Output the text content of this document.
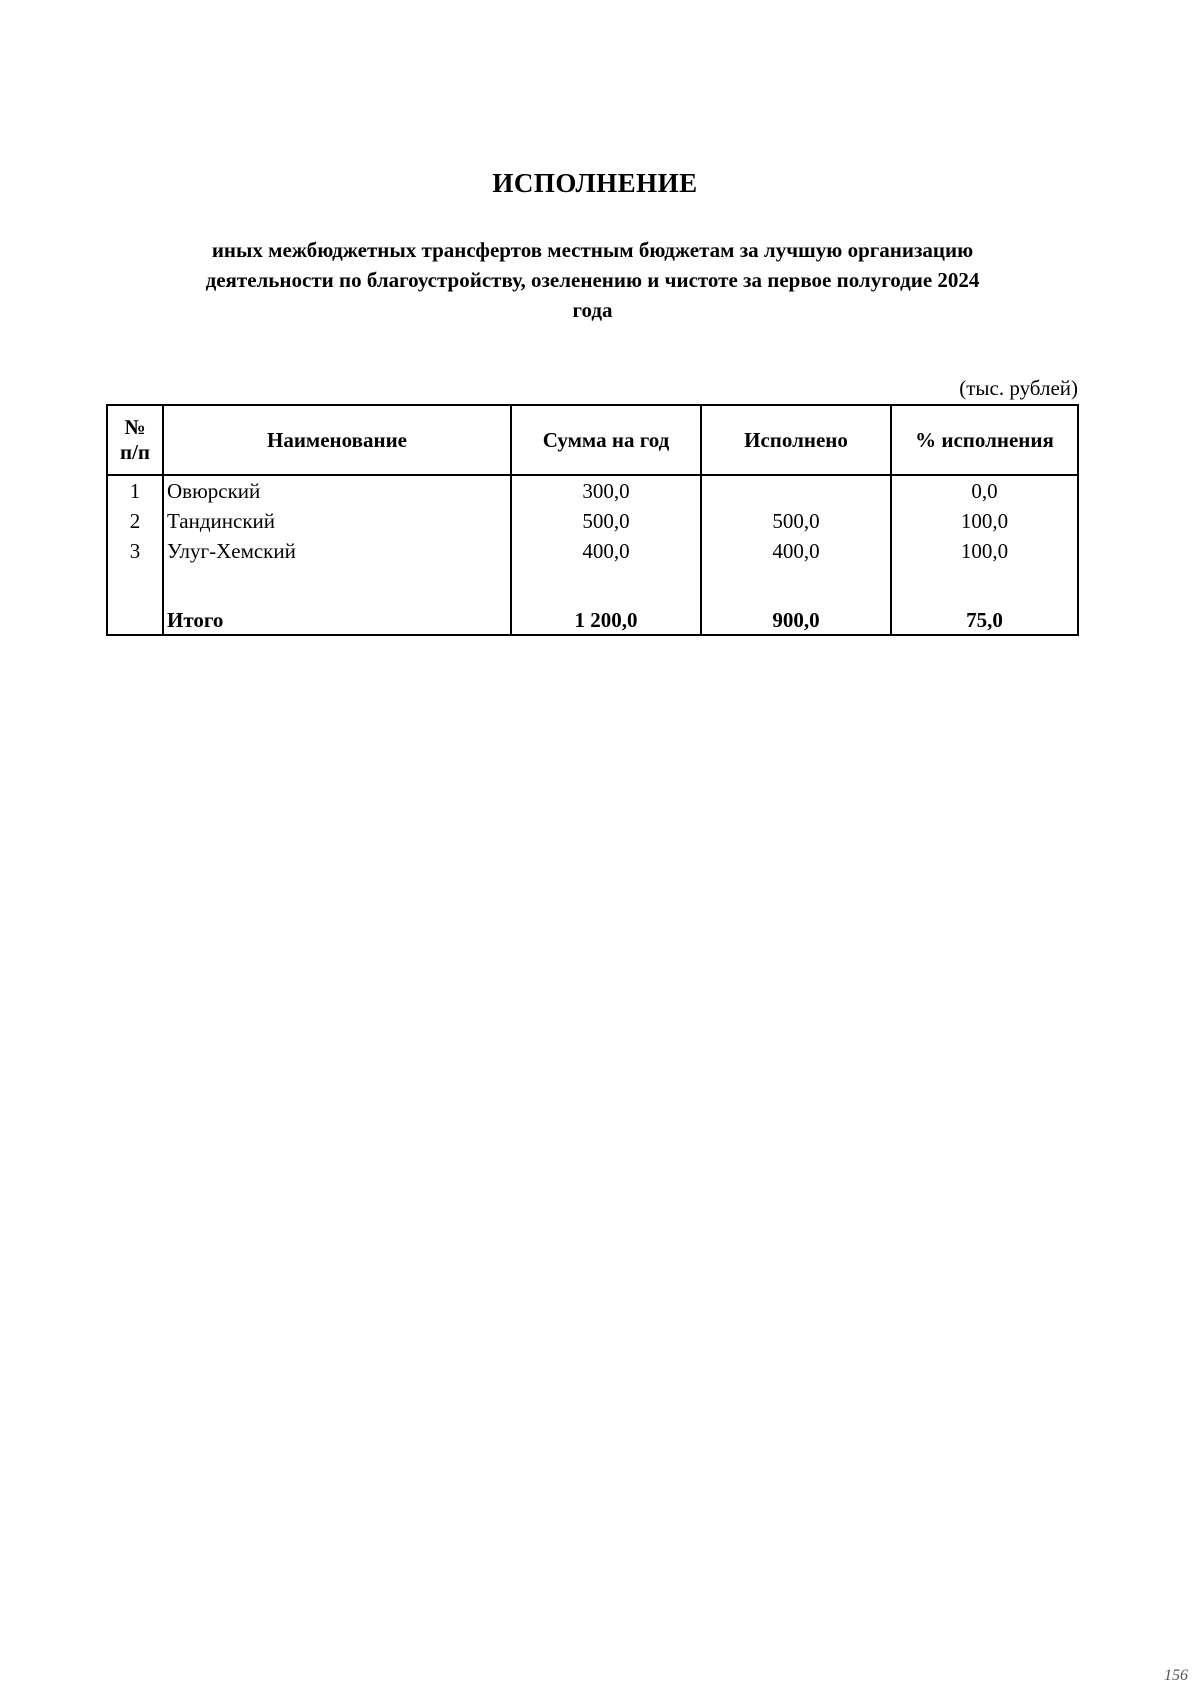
ИСПОЛНЕНИЕ
иных межбюджетных трансфертов местным бюджетам за лучшую организацию
деятельности по благоустройству, озеленению и чистоте за первое полугодие 2024
года
(тыс. рублей)
№
п/п	Наименование	Сумма на год	Исполнено	% исполнения
1	Овюрский	300,0		0,0
2	Тандинский	500,0	500,0	100,0
3	Улуг-Хемский	400,0	400,0	100,0

	Итого	1 200,0	900,0	75,0
156
